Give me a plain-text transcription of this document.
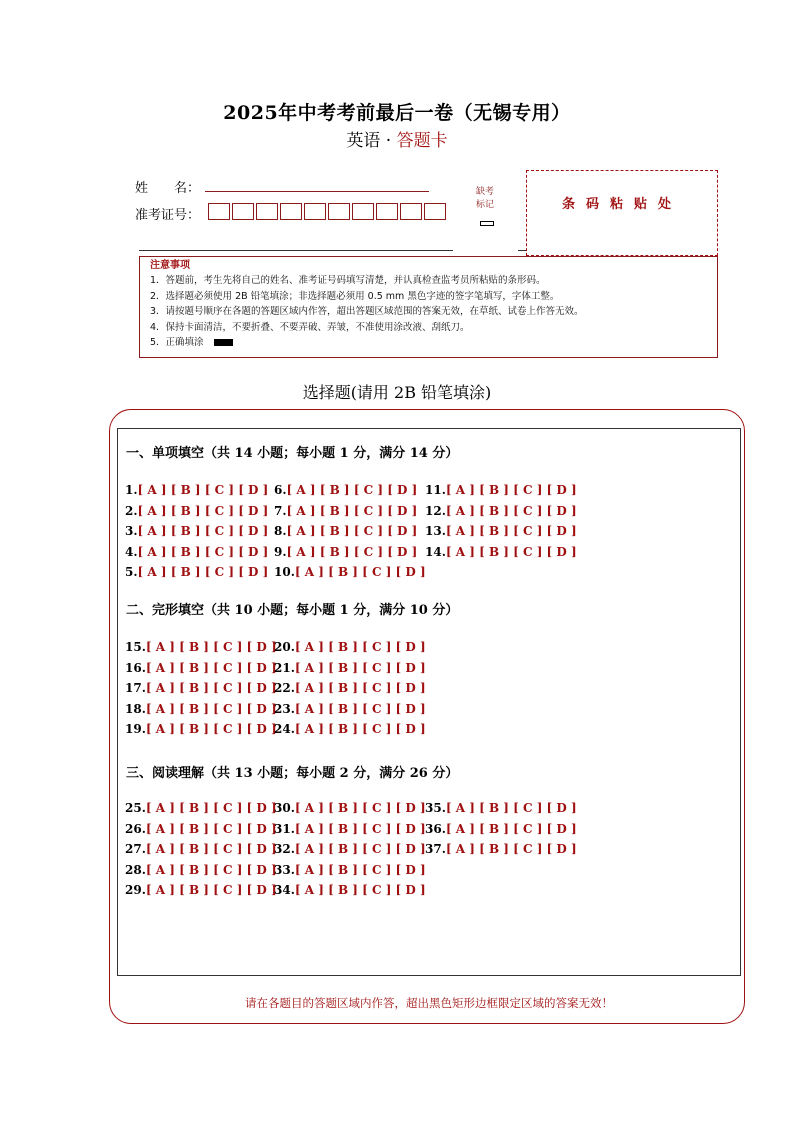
2025年中考考前最后一卷（无锡专用）
英语 · 答题卡
姓　　名：
准考证号：
缺考
标记	条码粘贴处
注意事项
1．答题前，考生先将自己的姓名、准考证号码填写清楚，并认真检查监考员所粘贴的条形码。
2．选择题必须使用 2B 铅笔填涂；非选择题必须用 0.5 mm 黑色字迹的签字笔填写，字体工整。
3．请按题号顺序在各题的答题区域内作答，超出答题区域范围的答案无效，在草纸、试卷上作答无效。
4．保持卡面清洁，不要折叠、不要弄破、弄皱，不准使用涂改液、刮纸刀。
5．正确填涂
选择题(请用 2B 铅笔填涂)
一、单项填空（共 14 小题；每小题 1 分，满分 14 分）
二、完形填空（共 10 小题；每小题 1 分，满分 10 分）
三、阅读理解（共 13 小题；每小题 2 分，满分 26 分）
1.[ A ] [ B ] [ C ] [ D ]
2.[ A ] [ B ] [ C ] [ D ]
3.[ A ] [ B ] [ C ] [ D ]
4.[ A ] [ B ] [ C ] [ D ]
5.[ A ] [ B ] [ C ] [ D ]
6.[ A ] [ B ] [ C ] [ D ]
7.[ A ] [ B ] [ C ] [ D ]
8.[ A ] [ B ] [ C ] [ D ]
9.[ A ] [ B ] [ C ] [ D ]
10.[ A ] [ B ] [ C ] [ D ]
11.[ A ] [ B ] [ C ] [ D ]
12.[ A ] [ B ] [ C ] [ D ]
13.[ A ] [ B ] [ C ] [ D ]
14.[ A ] [ B ] [ C ] [ D ]
15.[ A ] [ B ] [ C ] [ D ]
16.[ A ] [ B ] [ C ] [ D ]
17.[ A ] [ B ] [ C ] [ D ]
18.[ A ] [ B ] [ C ] [ D ]
19.[ A ] [ B ] [ C ] [ D ]
20.[ A ] [ B ] [ C ] [ D ]
21.[ A ] [ B ] [ C ] [ D ]
22.[ A ] [ B ] [ C ] [ D ]
23.[ A ] [ B ] [ C ] [ D ]
24.[ A ] [ B ] [ C ] [ D ]
25.[ A ] [ B ] [ C ] [ D ]
26.[ A ] [ B ] [ C ] [ D ]
27.[ A ] [ B ] [ C ] [ D ]
28.[ A ] [ B ] [ C ] [ D ]
29.[ A ] [ B ] [ C ] [ D ]
30.[ A ] [ B ] [ C ] [ D ]
31.[ A ] [ B ] [ C ] [ D ]
32.[ A ] [ B ] [ C ] [ D ]
33.[ A ] [ B ] [ C ] [ D ]
34.[ A ] [ B ] [ C ] [ D ]
35.[ A ] [ B ] [ C ] [ D ]
36.[ A ] [ B ] [ C ] [ D ]
37.[ A ] [ B ] [ C ] [ D ]
请在各题目的答题区域内作答，超出黑色矩形边框限定区域的答案无效！
